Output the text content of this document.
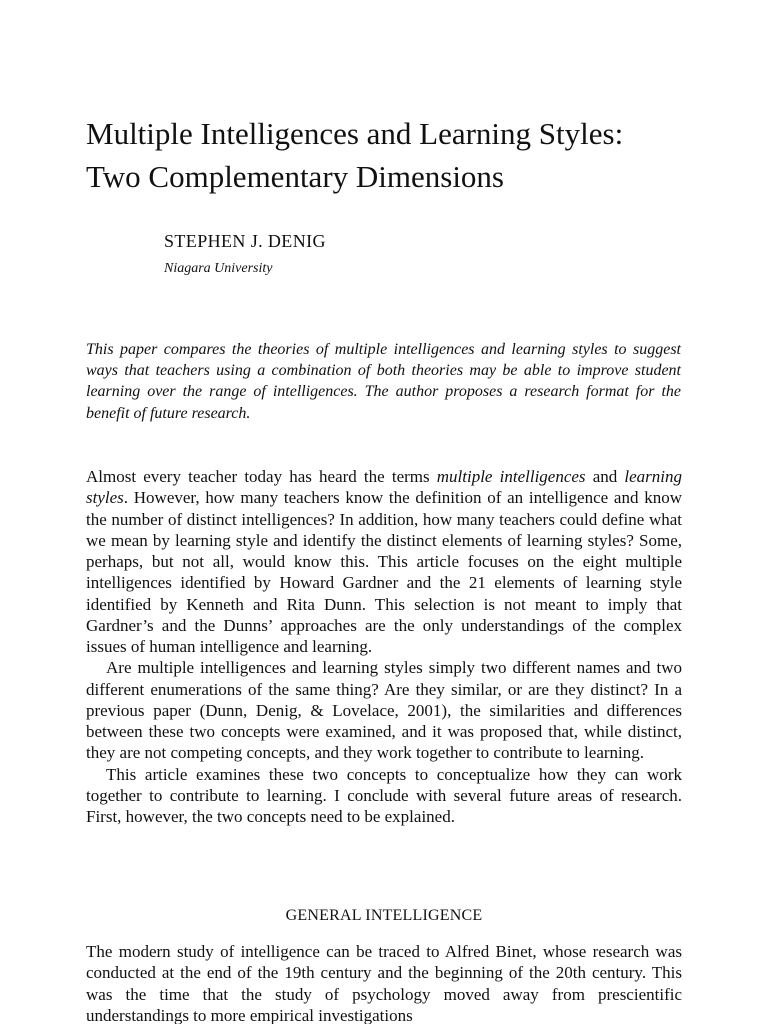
Multiple Intelligences and Learning Styles:
Two Complementary Dimensions
STEPHEN J. DENIG
Niagara University

This paper compares the theories of multiple intelligences and learning styles to suggest ways that teachers using a combination of both theories may be able to improve student learning over the range of intelligences. The author proposes a research format for the benefit of future research.

Almost every teacher today has heard the terms multiple intelligences and learning styles. However, how many teachers know the definition of an intelligence and know the number of distinct intelligences? In addition, how many teachers could define what we mean by learning style and identify the distinct elements of learning styles? Some, perhaps, but not all, would know this. This article focuses on the eight multiple intelligences identified by Howard Gardner and the 21 elements of learning style identified by Kenneth and Rita Dunn. This selection is not meant to imply that Gardner’s and the Dunns’ approaches are the only understandings of the complex issues of human intelligence and learning.

Are multiple intelligences and learning styles simply two different names and two different enumerations of the same thing? Are they similar, or are they distinct? In a previous paper (Dunn, Denig, & Lovelace, 2001), the similarities and differences between these two concepts were examined, and it was proposed that, while distinct, they are not competing concepts, and they work together to contribute to learning.

This article examines these two concepts to conceptualize how they can work together to contribute to learning. I conclude with several future areas of research. First, however, the two concepts need to be explained.

GENERAL INTELLIGENCE

The modern study of intelligence can be traced to Alfred Binet, whose research was conducted at the end of the 19th century and the beginning of the 20th century. This was the time that the study of psychology moved away from prescientific understandings to more empirical investigations
